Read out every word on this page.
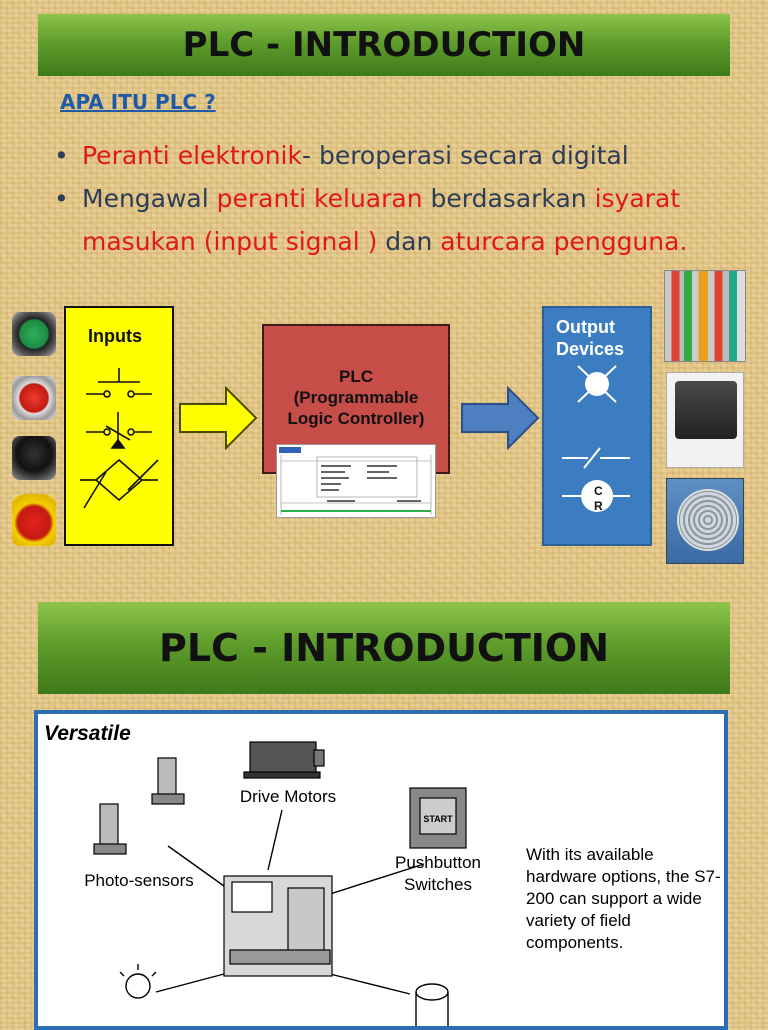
PLC - INTRODUCTION
APA ITU PLC ?

• Peranti elektronik- beroperasi secara digital

• Mengawal peranti keluaran berdasarkan isyarat masukan (input signal ) dan aturcara pengguna.

Inputs
PLC
(Programmable
Logic Controller)
Output
Devices
C
R
PLC - INTRODUCTION
Versatile
START
Drive Motors
Photo-sensors
Pushbutton
Switches
With its available hardware options, the S7-200 can support a wide variety of field components.
